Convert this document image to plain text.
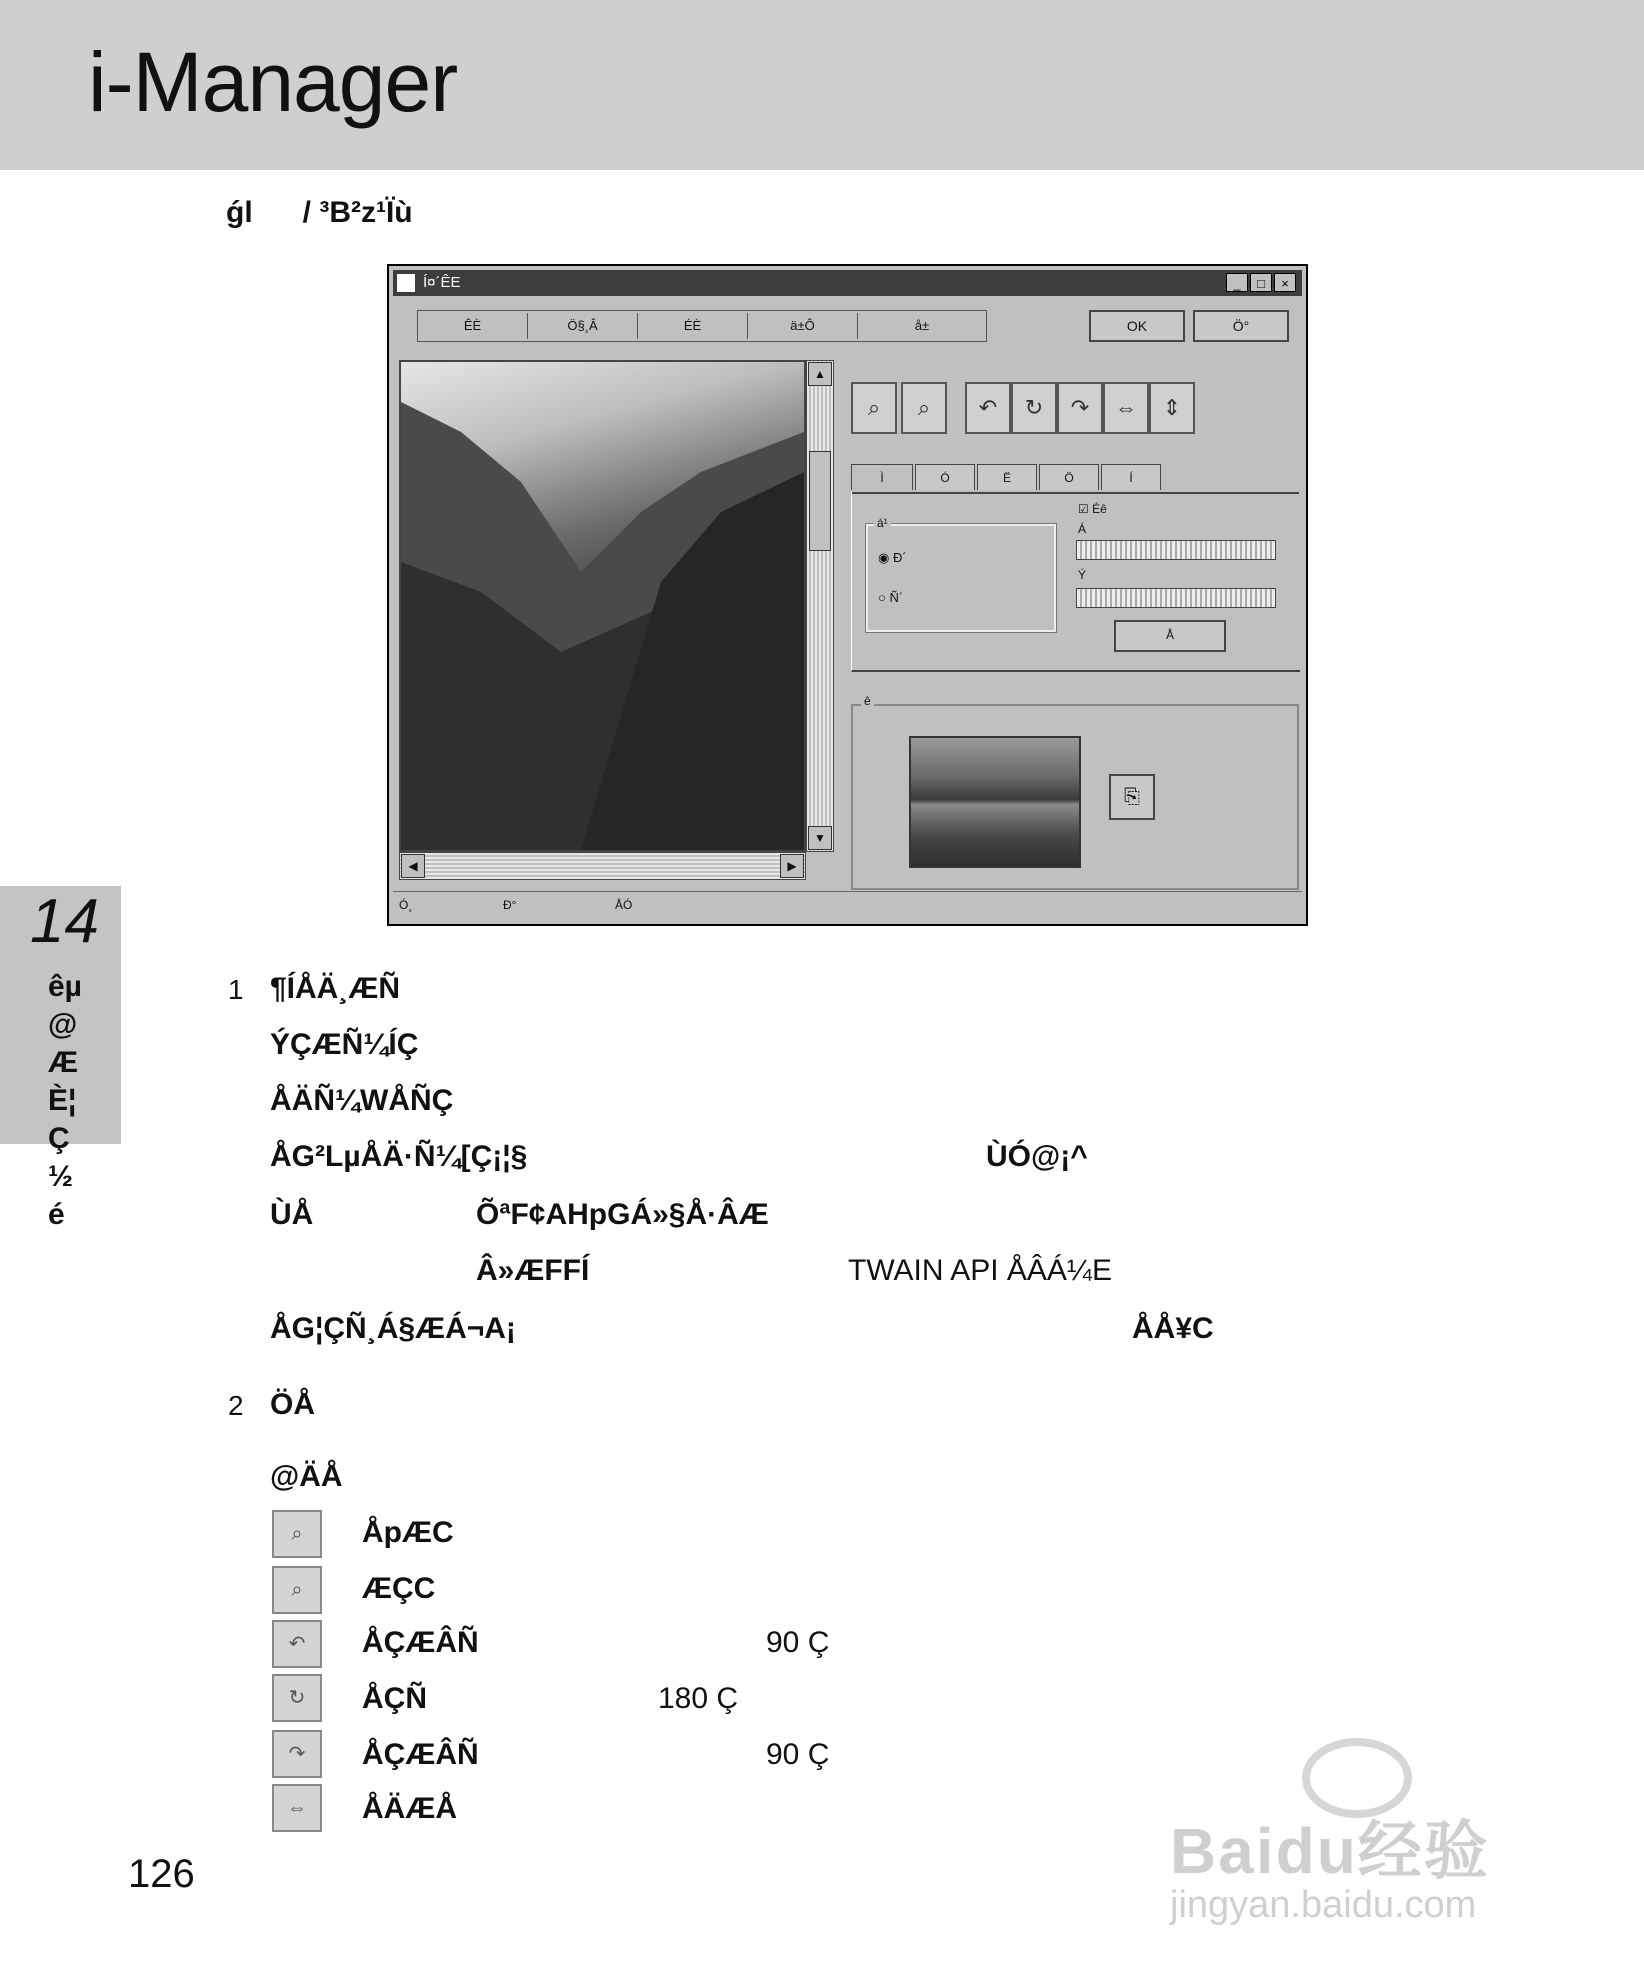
i-Manager
ǵl      / ³B²z¹Ïù
Í¤´ÊE	_	□	×
ÊÈ	Ö§¸Â	ÉÈ	ä±Ô	å±	OK	Ö°
▲
▼
◀	▶
⌕	⌕	↶	↻	↷	⇔	⇕
Ì	Ó	Ë	Ö	Í
á¹
◉ Ð´
○ Ñ´
☑ Éê
Á
Ý
Å
ê
⎘
Ó¸	Ð°	ÅÓ
14
êµ@ÆÈ¦Ç½é
1 ¶ÍÅÄ¸ÆÑ
ÝÇÆÑ¼ÍÇ
ÅÄÑ¼WÅÑÇ
ÅG²LµÅÄ·Ñ¼[Ç¡¦§	ÙÓ@¡^
ÙÅ	ÕªF¢AHpGÁ»§Å·ÂÆ
Â»ÆFFÍ	TWAIN API ÅÂÁ¼E
ÅG¦ÇÑ¸Á§ÆÁ¬A¡	ÅÅ¥C
2 ÖÅ
@ÄÅ
⌕	ÅpÆC
⌕	ÆÇC
↶	ÅÇÆÂÑ	90 Ç
↻	ÅÇÑ	180 Ç
↷	ÅÇÆÂÑ	90 Ç
⇔	ÅÄÆÅ
126	Baidu经验
jingyan.baidu.com
